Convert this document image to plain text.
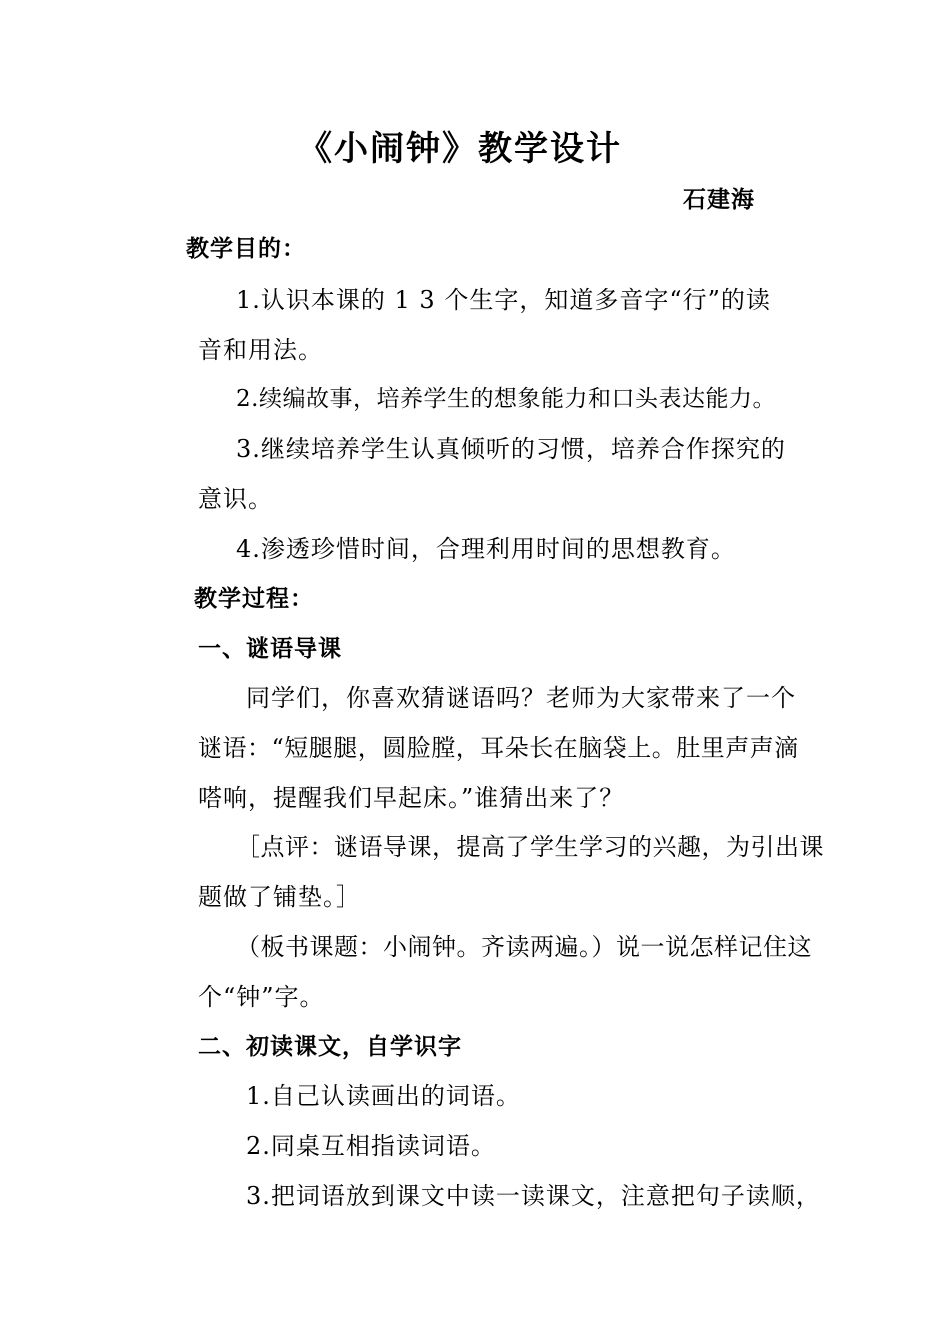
《小闹钟》教学设计
石建海
教学目的：
1.认识本课的 1 3 个生字，知道多音字“行”的读
音和用法。
2.续编故事，培养学生的想象能力和口头表达能力。
3.继续培养学生认真倾听的习惯，培养合作探究的
意识。
4.渗透珍惜时间，合理利用时间的思想教育。
教学过程：
一、谜语导课
同学们，你喜欢猜谜语吗？老师为大家带来了一个
谜语：“短腿腿，圆脸膛，耳朵长在脑袋上。肚里声声滴
嗒响，提醒我们早起床。”谁猜出来了？
［点评：谜语导课，提高了学生学习的兴趣，为引出课
题做了铺垫。］
（板书课题：小闹钟。齐读两遍。）说一说怎样记住这
个“钟”字。
二、初读课文，自学识字
1.自己认读画出的词语。
2.同桌互相指读词语。
3.把词语放到课文中读一读课文，注意把句子读顺，
